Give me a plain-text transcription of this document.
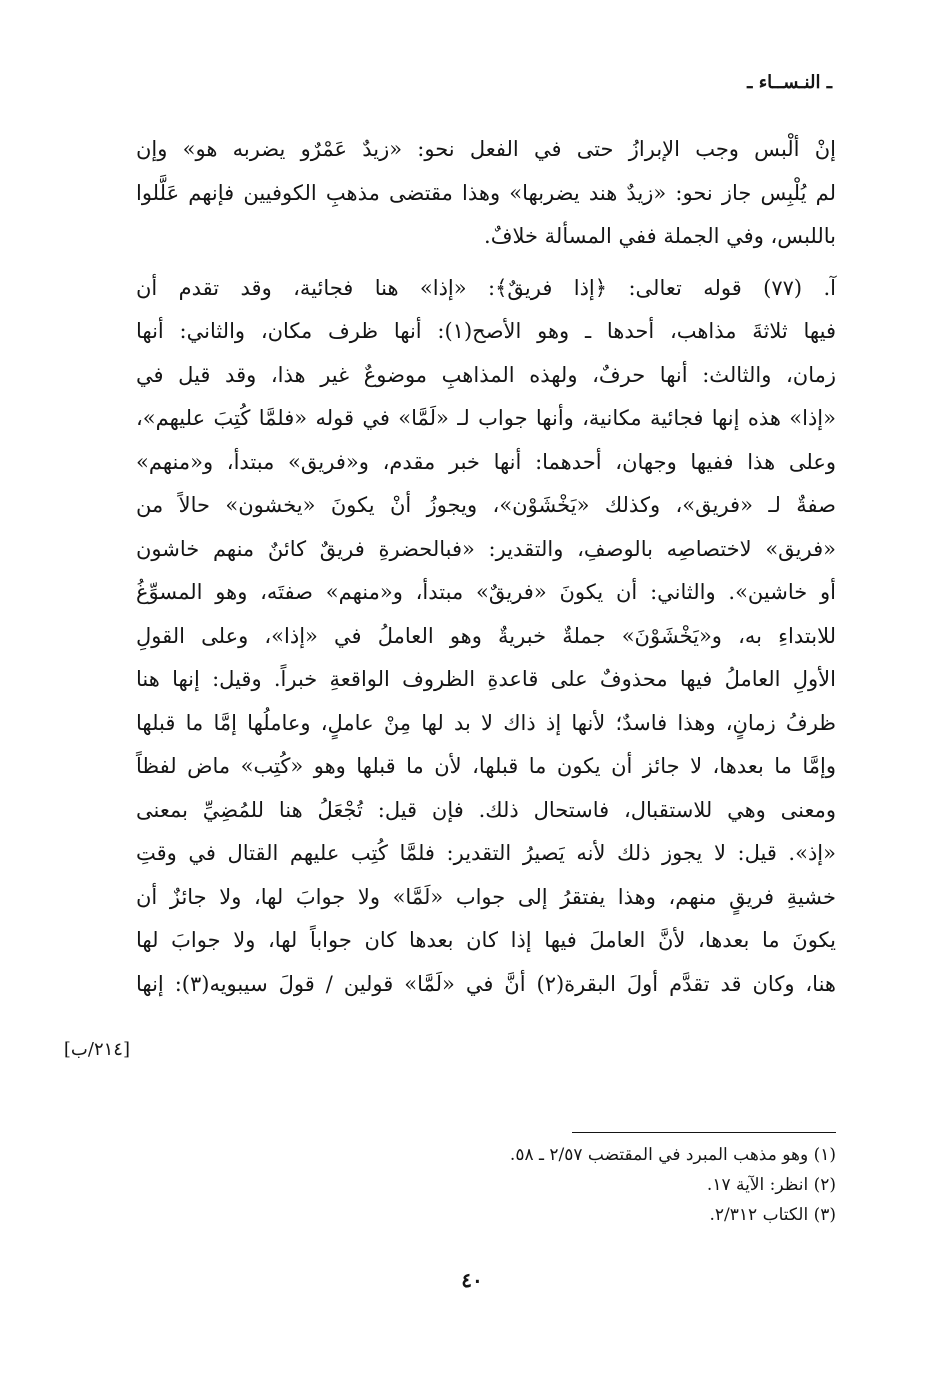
ـ النـســاء ـ
إنْ ألْبس وجب الإبرازُ حتى في الفعل نحو: «زيدٌ عَمْرٌو يضربه هو» وإن
لم يُلْبِس جاز نحو: «زيدٌ هند يضربها» وهذا مقتضى مذهبِ الكوفيين فإنهم عَلَّلوا
باللبس، وفي الجملة ففي المسألة خلافٌ.
آ. (٧٧) قوله تعالى: ﴿إذا فريقٌ﴾: «إذا» هنا فجائية، وقد تقدم أن
فيها ثلاثةَ مذاهب، أحدها ـ وهو الأصح(١): أنها ظرف مكان، والثاني: أنها
زمان، والثالث: أنها حرفٌ، ولهذه المذاهبِ موضوعٌ غير هذا، وقد قيل في
«إذا» هذه إنها فجائية مكانية، وأنها جواب لـ «لَمَّا» في قوله «فلمَّا كُتِبَ عليهم»،
وعلى هذا ففيها وجهان، أحدهما: أنها خبر مقدم، و«فريق» مبتدأ، و«منهم»
صفةٌ لـ «فريق»، وكذلك «يَخْشَوْن»، ويجوزُ أنْ يكونَ «يخشون» حالاً من
«فريق» لاختصاصِه بالوصفِ، والتقدير: «فبالحضرةِ فريقٌ كائنٌ منهم خاشون
أو خاشين». والثاني: أن يكونَ «فريقٌ» مبتدأ، و«منهم» صفتَه، وهو المسوِّغُ
للابتداءِ به، و«يَخْشَوْنَ» جملةٌ خبريةٌ وهو العاملُ في «إذا»، وعلى القولِ
الأولِ العاملُ فيها محذوفٌ على قاعدةِ الظروف الواقعةِ خبراً. وقيل: إنها هنا
ظرفُ زمانٍ، وهذا فاسدٌ؛ لأنها إذ ذاك لا بد لها مِنْ عاملٍ، وعاملُها إمَّا ما قبلها
وإمَّا ما بعدها، لا جائز أن يكون ما قبلها، لأن ما قبلها وهو «كُتِب» ماض لفظاً
ومعنى وهي للاستقبال، فاستحال ذلك. فإن قيل: تُجْعَلُ هنا للمُضِيِّ بمعنى
«إذ». قيل: لا يجوز ذلك لأنه يَصيرُ التقدير: فلمَّا كُتِب عليهم القتال في وقتِ
خشيةِ فريقٍ منهم، وهذا يفتقرُ إلى جواب «لَمَّا» ولا جوابَ لها، ولا جائزٌ أن
يكونَ ما بعدها، لأنَّ العاملَ فيها إذا كان بعدها كان جواباً لها، ولا جوابَ لها
هنا، وكان قد تقدَّم أولَ البقرة(٢) أنَّ في «لَمَّا» قولين / قولَ سيبويه(٣): إنها
[٢١٤/ب]
(١) وهو مذهب المبرد في المقتضب ٢/٥٧ ـ ٥٨.
(٢) انظر: الآية ١٧.
(٣) الكتاب ٢/٣١٢.
٤٠
